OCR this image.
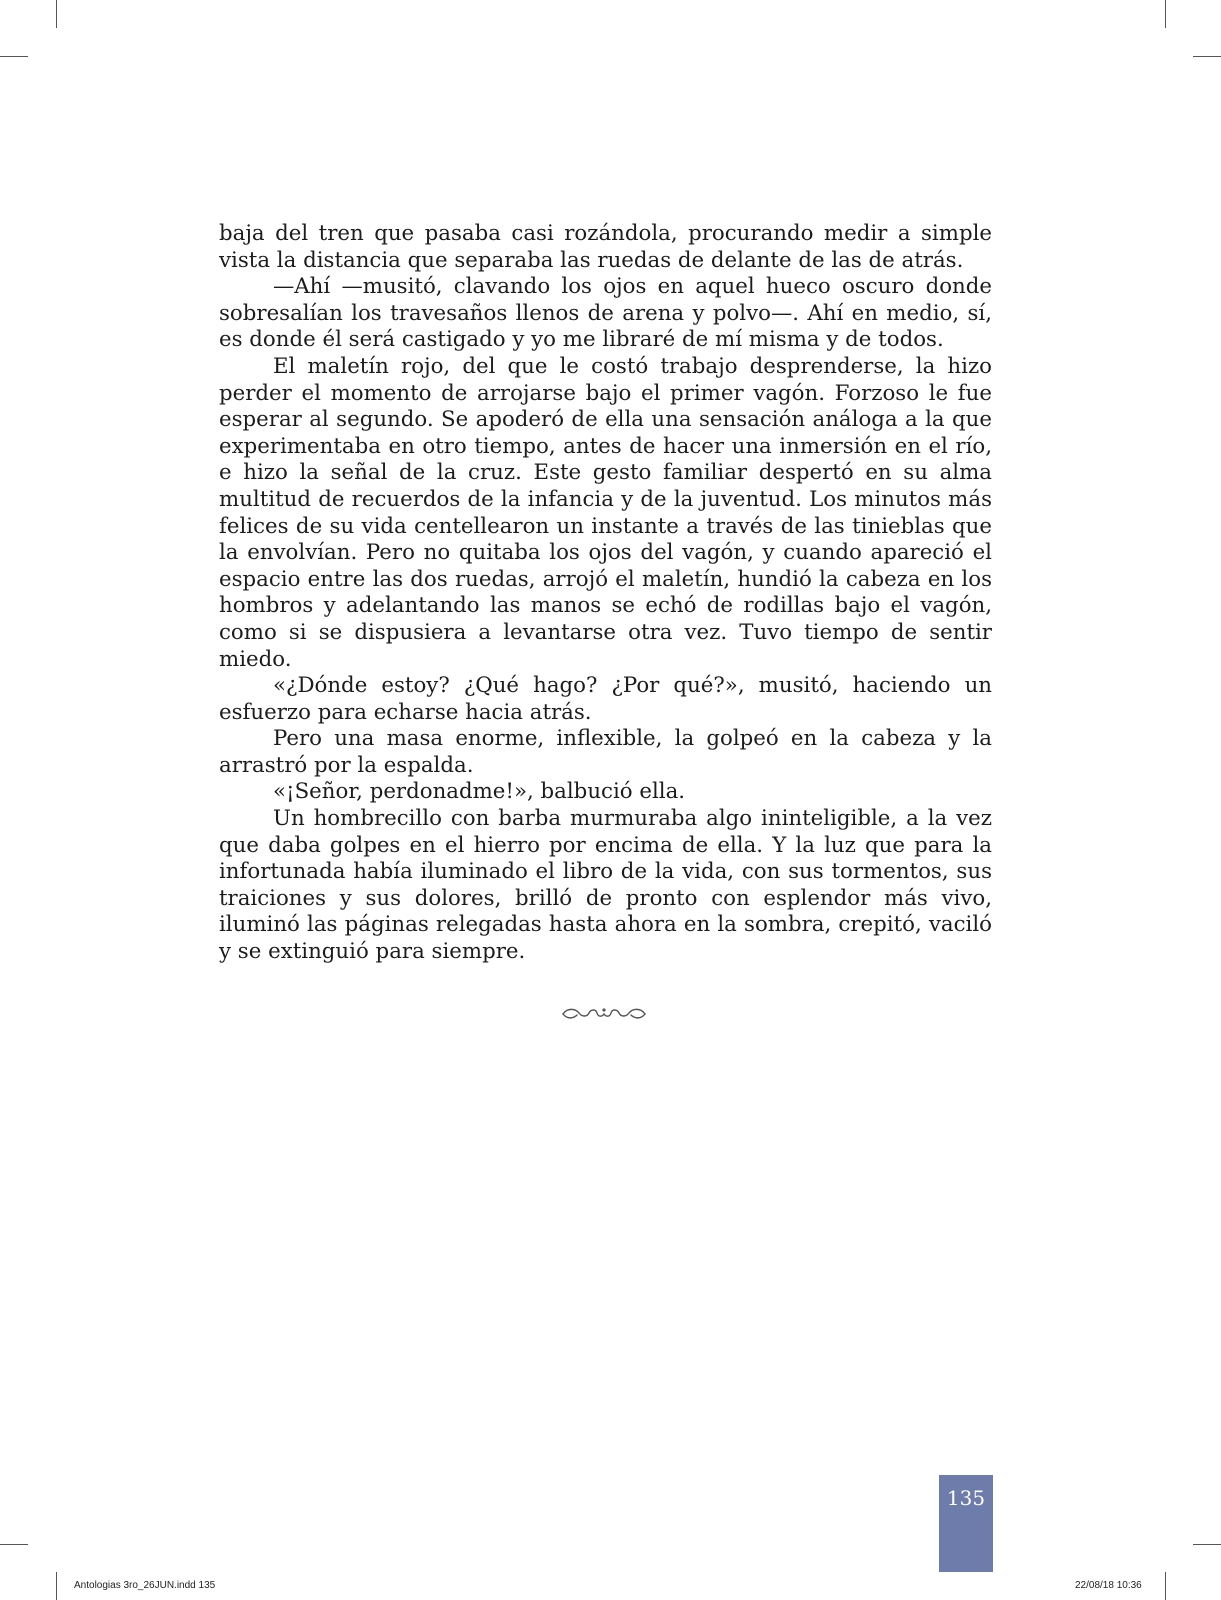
baja del tren que pasaba casi rozándola, procurando medir a simple vista la distancia que separaba las ruedas de delante de las de atrás.

—Ahí —musitó, clavando los ojos en aquel hueco oscuro donde sobresalían los travesaños llenos de arena y polvo—. Ahí en medio, sí, es donde él será castigado y yo me libraré de mí misma y de todos.

El maletín rojo, del que le costó trabajo desprenderse, la hizo perder el momento de arrojarse bajo el primer vagón. Forzoso le fue esperar al segundo. Se apoderó de ella una sensación análoga a la que experimentaba en otro tiempo, antes de hacer una inmersión en el río, e hizo la señal de la cruz. Este gesto familiar despertó en su alma multitud de recuerdos de la infancia y de la juventud. Los minutos más felices de su vida centellearon un instante a través de las tinieblas que la envolvían. Pero no quitaba los ojos del vagón, y cuando apareció el espacio entre las dos ruedas, arrojó el maletín, hundió la cabeza en los hombros y adelantando las manos se echó de rodillas bajo el vagón, como si se dispusiera a levantarse otra vez. Tuvo tiempo de sentir miedo.

«¿Dónde estoy? ¿Qué hago? ¿Por qué?», musitó, haciendo un esfuerzo para echarse hacia atrás.

Pero una masa enorme, inflexible, la golpeó en la cabeza y la arrastró por la espalda.

«¡Señor, perdonadme!», balbució ella.

Un hombrecillo con barba murmuraba algo ininteligible, a la vez que daba golpes en el hierro por encima de ella. Y la luz que para la infortunada había iluminado el libro de la vida, con sus tormentos, sus traiciones y sus dolores, brilló de pronto con esplendor más vivo, iluminó las páginas relegadas hasta ahora en la sombra, crepitó, vaciló y se extinguió para siempre.

135
Antologias 3ro_26JUN.indd 135	22/08/18 10:36
